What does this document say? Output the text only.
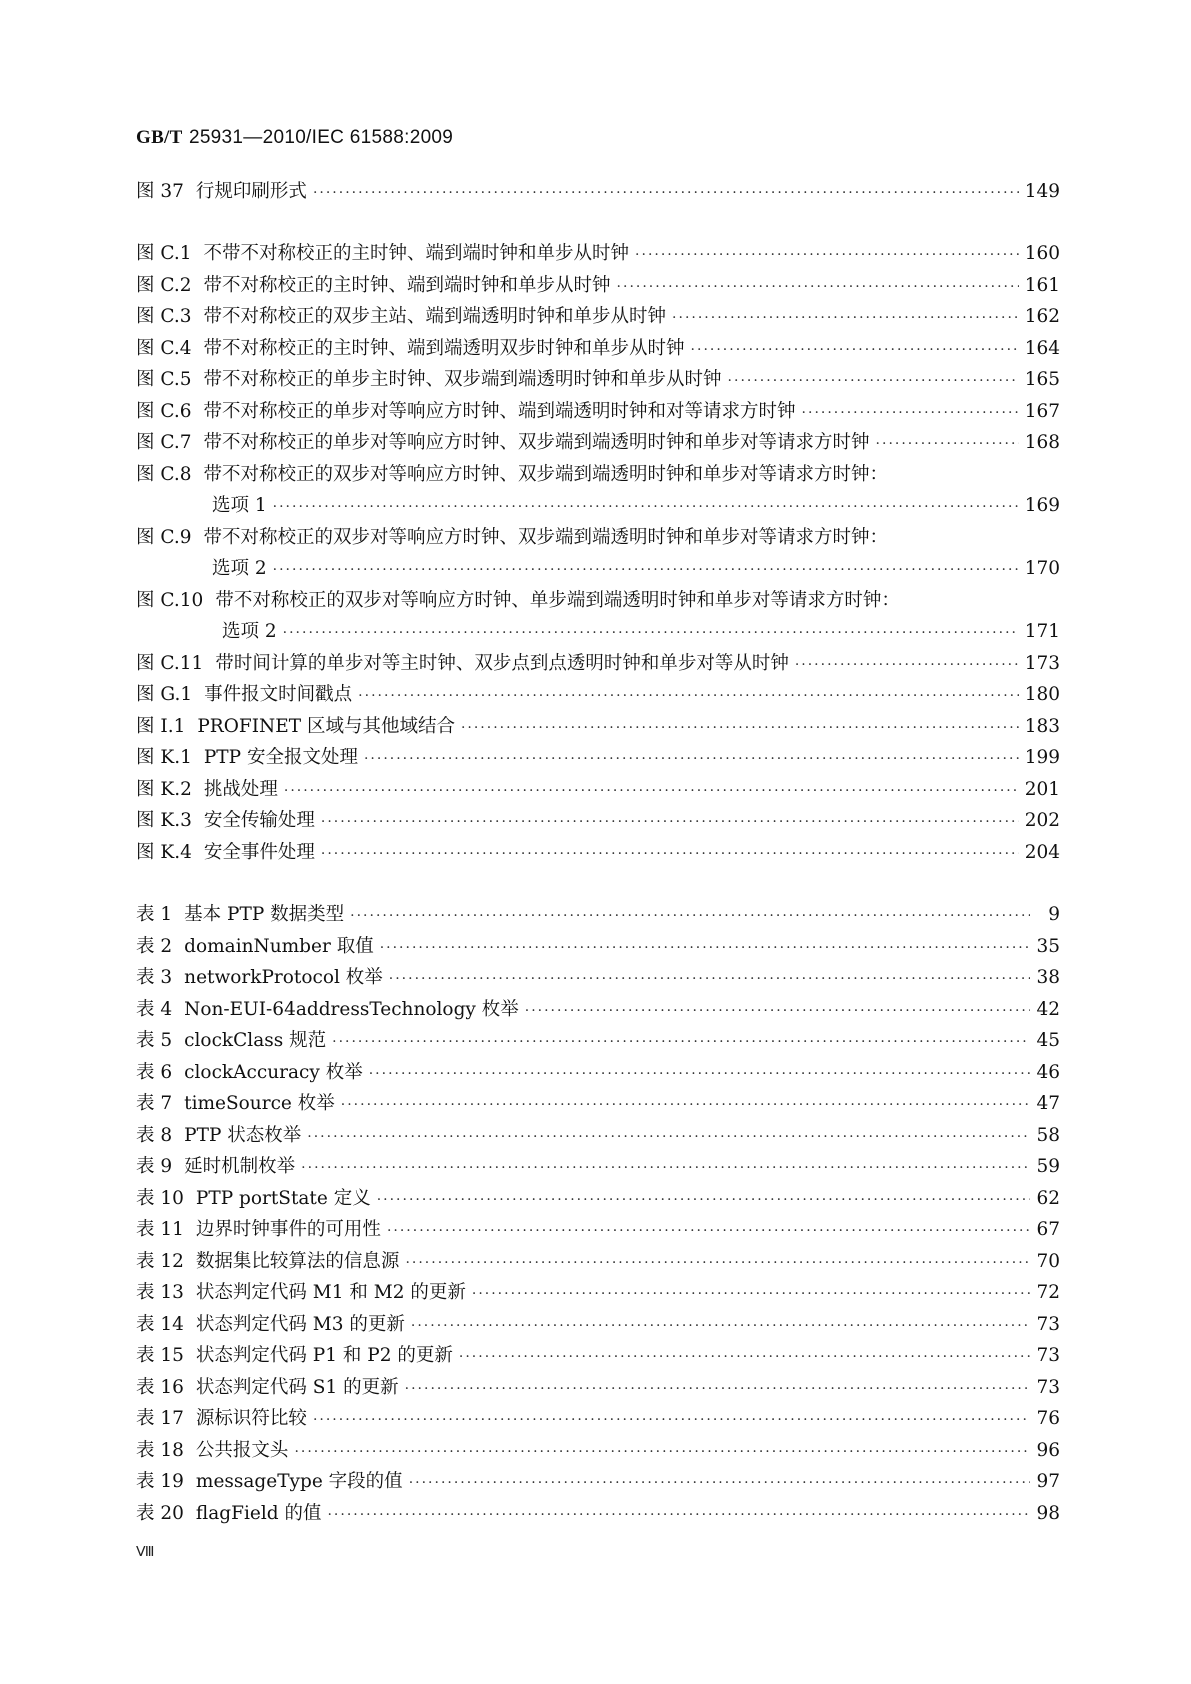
GB/T 25931—2010/IEC 61588:2009
图 37 行规印刷形式 ·····	149
图 C.1 不带不对称校正的主时钟、端到端时钟和单步从时钟 ·····	160
图 C.2 带不对称校正的主时钟、端到端时钟和单步从时钟 ·····	161
图 C.3 带不对称校正的双步主站、端到端透明时钟和单步从时钟 ·····	162
图 C.4 带不对称校正的主时钟、端到端透明双步时钟和单步从时钟 ·····	164
图 C.5 带不对称校正的单步主时钟、双步端到端透明时钟和单步从时钟 ·····	165
图 C.6 带不对称校正的单步对等响应方时钟、端到端透明时钟和对等请求方时钟 ·····	167
图 C.7 带不对称校正的单步对等响应方时钟、双步端到端透明时钟和单步对等请求方时钟 ·····	168
图 C.8 带不对称校正的双步对等响应方时钟、双步端到端透明时钟和单步对等请求方时钟：
选项 1 ·····	169
图 C.9 带不对称校正的双步对等响应方时钟、双步端到端透明时钟和单步对等请求方时钟：
选项 2 ·····	170
图 C.10 带不对称校正的双步对等响应方时钟、单步端到端透明时钟和单步对等请求方时钟：
选项 2 ·····	171
图 C.11 带时间计算的单步对等主时钟、双步点到点透明时钟和单步对等从时钟 ·····	173
图 G.1 事件报文时间戳点 ·····	180
图 I.1 PROFINET 区域与其他域结合 ·····	183
图 K.1 PTP 安全报文处理 ·····	199
图 K.2 挑战处理 ·····	201
图 K.3 安全传输处理 ·····	202
图 K.4 安全事件处理 ·····	204
表 1 基本 PTP 数据类型 ·····	9
表 2 domainNumber 取值 ·····	35
表 3 networkProtocol 枚举 ·····	38
表 4 Non-EUI-64addressTechnology 枚举 ·····	42
表 5 clockClass 规范 ·····	45
表 6 clockAccuracy 枚举 ·····	46
表 7 timeSource 枚举 ·····	47
表 8 PTP 状态枚举 ·····	58
表 9 延时机制枚举 ·····	59
表 10 PTP portState 定义 ·····	62
表 11 边界时钟事件的可用性 ·····	67
表 12 数据集比较算法的信息源 ·····	70
表 13 状态判定代码 M1 和 M2 的更新 ·····	72
表 14 状态判定代码 M3 的更新 ·····	73
表 15 状态判定代码 P1 和 P2 的更新 ·····	73
表 16 状态判定代码 S1 的更新 ·····	73
表 17 源标识符比较 ·····	76
表 18 公共报文头 ·····	96
表 19 messageType 字段的值 ·····	97
表 20 flagField 的值 ·····	98
Ⅷ
